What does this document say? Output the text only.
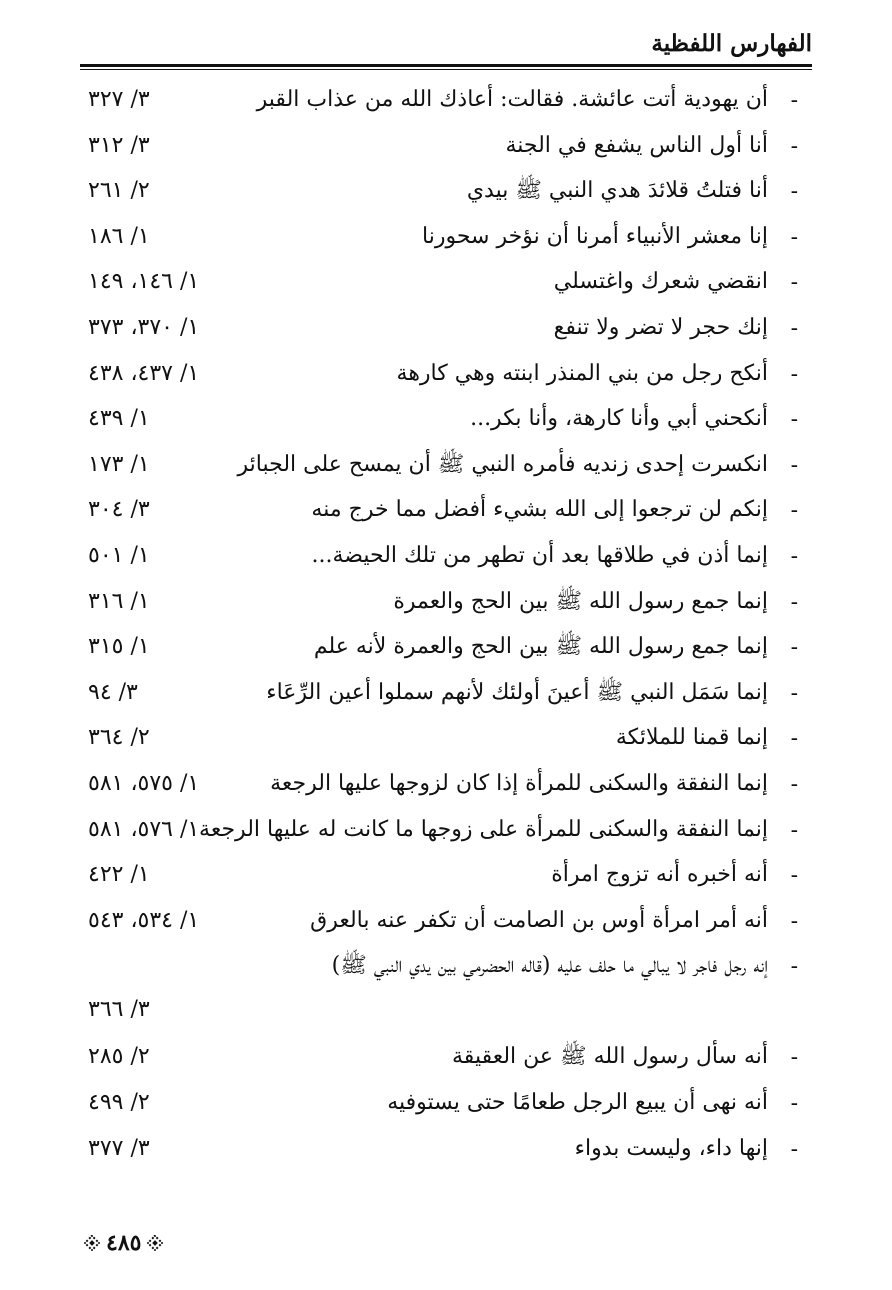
الفهارس اللفظية
-
أن يهودية أتت عائشة. فقالت: أعاذك الله من عذاب القبر
٣/ ٣٢٧
-
أنا أول الناس يشفع في الجنة
٣/ ٣١٢
-
أنا فتلتُ قلائدَ هدي النبي ﷺ بيدي
٢/ ٢٦١
-
إنا معشر الأنبياء أمرنا أن نؤخر سحورنا
١/ ١٨٦
-
انقضي شعرك واغتسلي
١/ ١٤٦، ١٤٩
-
إنك حجر لا تضر ولا تنفع
١/ ٣٧٠، ٣٧٣
-
أنكح رجل من بني المنذر ابنته وهي كارهة
١/ ٤٣٧، ٤٣٨
-
أنكحني أبي وأنا كارهة، وأنا بكر...
١/ ٤٣٩
-
انكسرت إحدى زنديه فأمره النبي ﷺ أن يمسح على الجبائر
١/ ١٧٣
-
إنكم لن ترجعوا إلى الله بشيء أفضل مما خرج منه
٣/ ٣٠٤
-
إنما أذن في طلاقها بعد أن تطهر من تلك الحيضة...
١/ ٥٠١
-
إنما جمع رسول الله ﷺ بين الحج والعمرة
١/ ٣١٦
-
إنما جمع رسول الله ﷺ بين الحج والعمرة لأنه علم
١/ ٣١٥
-
إنما سَمَل النبي ﷺ أعينَ أولئك لأنهم سملوا أعين الرِّعَاء
٣/ ٩٤
-
إنما قمنا للملائكة
٢/ ٣٦٤
-
إنما النفقة والسكنى للمرأة إذا كان لزوجها عليها الرجعة
١/ ٥٧٥، ٥٨١
-
إنما النفقة والسكنى للمرأة على زوجها ما كانت له عليها الرجعة
١/ ٥٧٦، ٥٨١
-
أنه أخبره أنه تزوج امرأة
١/ ٤٢٢
-
أنه أمر امرأة أوس بن الصامت أن تكفر عنه بالعرق
١/ ٥٣٤، ٥٤٣
-
إنه رجل فاجر لا يبالي ما حلف عليه (قاله الحضرمي بين يدي النبي ﷺ)
٣/ ٣٦٦
-
أنه سأل رسول الله ﷺ عن العقيقة
٢/ ٢٨٥
-
أنه نهى أن يبيع الرجل طعامًا حتى يستوفيه
٢/ ٤٩٩
-
إنها داء، وليست بدواء
٣/ ٣٧٧
٤٨٥
